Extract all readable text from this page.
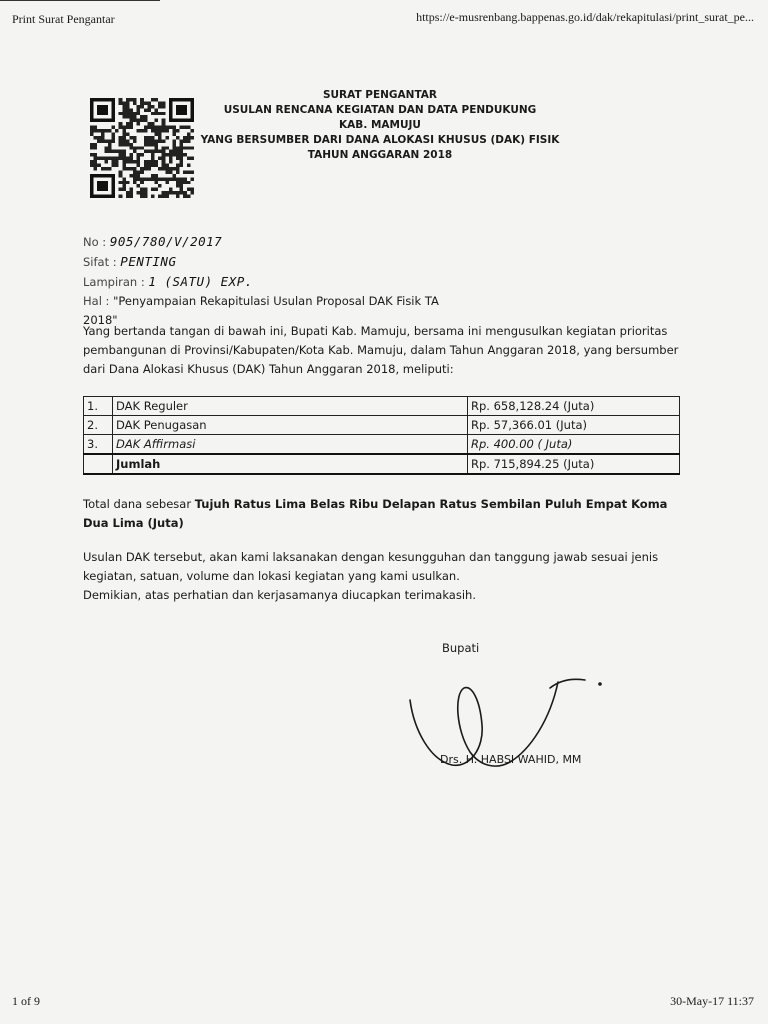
Print Surat Pengantar	https://e-musrenbang.bappenas.go.id/dak/rekapitulasi/print_surat_pe...
SURAT PENGANTAR
USULAN RENCANA KEGIATAN DAN DATA PENDUKUNG
KAB. MAMUJU
YANG BERSUMBER DARI DANA ALOKASI KHUSUS (DAK) FISIK
TAHUN ANGGARAN 2018
No : 905/780/V/2017
Sifat : PENTING
Lampiran : 1 (SATU) EXP.
Hal : "Penyampaian Rekapitulasi Usulan Proposal DAK Fisik TA 2018"
Yang bertanda tangan di bawah ini, Bupati Kab. Mamuju, bersama ini mengusulkan kegiatan prioritas pembangunan di Provinsi/Kabupaten/Kota Kab. Mamuju, dalam Tahun Anggaran 2018, yang bersumber dari Dana Alokasi Khusus (DAK) Tahun Anggaran 2018, meliputi:
1.	DAK Reguler	Rp. 658,128.24 (Juta)
2.	DAK Penugasan	Rp. 57,366.01 (Juta)
3.	DAK Affirmasi	Rp. 400.00 ( Juta)
	Jumlah	Rp. 715,894.25 (Juta)
Total dana sebesar Tujuh Ratus Lima Belas Ribu Delapan Ratus Sembilan Puluh Empat Koma Dua Lima (Juta)
Usulan DAK tersebut, akan kami laksanakan dengan kesungguhan dan tanggung jawab sesuai jenis kegiatan, satuan, volume dan lokasi kegiatan yang kami usulkan.
Demikian, atas perhatian dan kerjasamanya diucapkan terimakasih.
Bupati
Drs. H. HABSI WAHID, MM
1 of 9	30-May-17 11:37
